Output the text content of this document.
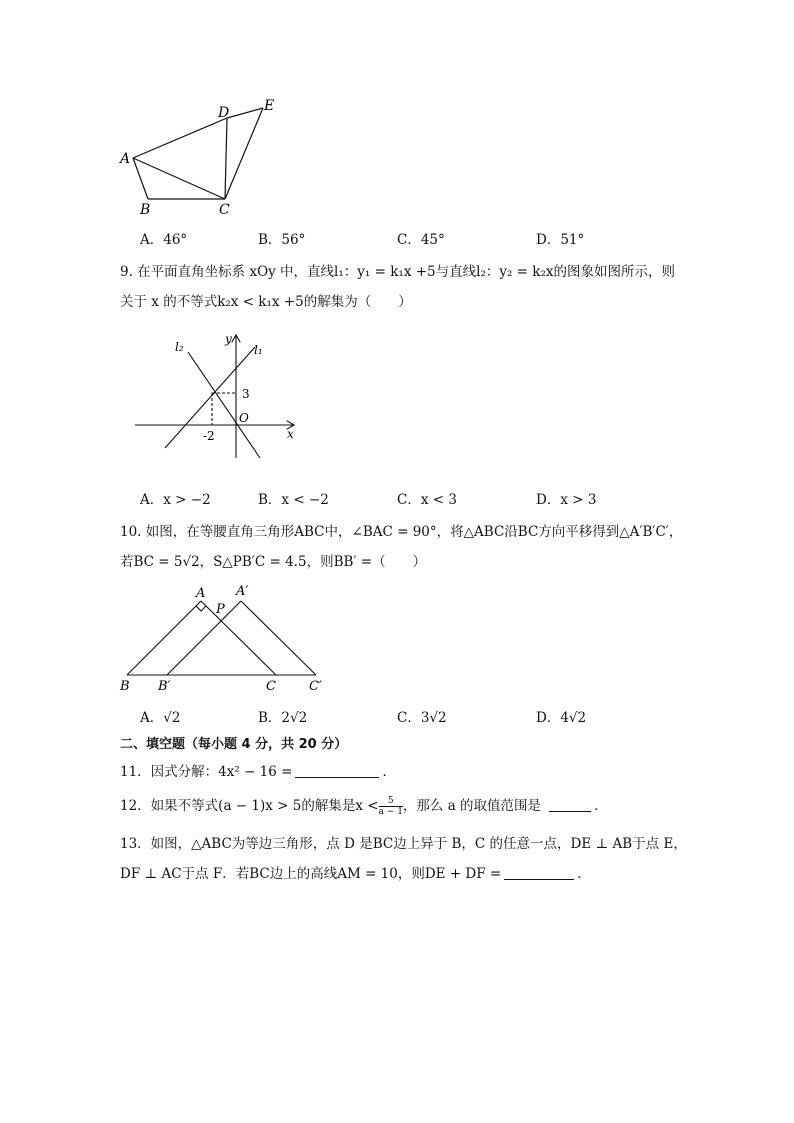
A
D E
B	C
A．46°	B．56°	C．45°	D．51°
9. 在平面直角坐标系 xOy 中，直线l₁：y₁ = k₁x +5与直线l₂：y₂ = k₂x的图象如图所示，则
关于 x 的不等式k₂x < k₁x +5的解集为（　　）
l₂
y
l₁
3
O
-2	x
A．x > −2	B．x < −2	C．x < 3	D．x > 3
10. 如图，在等腰直角三角形ABC中，∠BAC = 90°，将△ABC沿BC方向平移得到△A′B′C′，
若BC = 5√2，S△PB′C = 4.5，则BB′ =（　　）
A A′
P
B B′	C	C′
A．√2	B．2√2	C．3√2	D．4√2
二、填空题（每小题 4 分，共 20 分）
11．因式分解：4x² − 16 =	．
12．如果不等式(a − 1)x > 5的解集是$x < \frac{5}{a - 1}$ ，那么 a 的取值范围是	．
13．如图，△ABC为等边三角形，点 D 是BC边上异于 B，C 的任意一点，DE ⊥ AB于点 E，
DF ⊥ AC于点 F．若BC边上的高线AM = 10，则DE + DF =	．
